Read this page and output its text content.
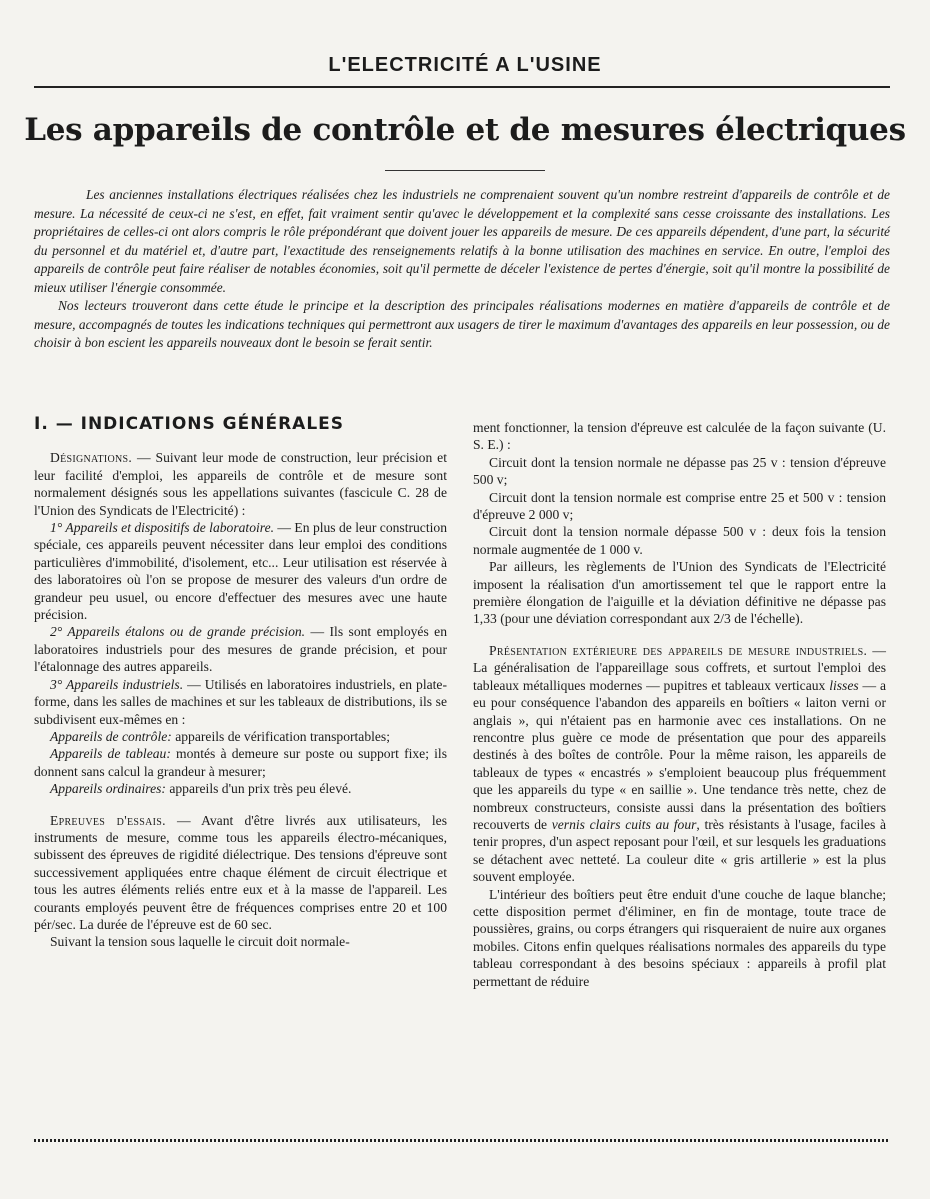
L'ELECTRICITÉ A L'USINE
Les appareils de contrôle et de mesures électriques

Les anciennes installations électriques réalisées chez les industriels ne comprenaient souvent qu'un nombre restreint d'appareils de contrôle et de mesure. La nécessité de ceux-ci ne s'est, en effet, fait vraiment sentir qu'avec le développement et la complexité sans cesse croissante des installations. Les propriétaires de celles-ci ont alors compris le rôle prépondérant que doivent jouer les appareils de mesure. De ces appareils dépendent, d'une part, la sécurité du personnel et du matériel et, d'autre part, l'exactitude des renseignements relatifs à la bonne utilisation des machines en service. En outre, l'emploi des appareils de contrôle peut faire réaliser de notables économies, soit qu'il permette de déceler l'existence de pertes d'énergie, soit qu'il montre la possibilité de mieux utiliser l'énergie consommée.

Nos lecteurs trouveront dans cette étude le principe et la description des principales réalisations modernes en matière d'appareils de contrôle et de mesure, accompagnés de toutes les indications techniques qui permettront aux usagers de tirer le maximum d'avantages des appareils en leur possession, ou de choisir à bon escient les appareils nouveaux dont le besoin se ferait sentir.

I. — INDICATIONS GÉNÉRALES

Désignations. — Suivant leur mode de construction, leur précision et leur facilité d'emploi, les appareils de contrôle et de mesure sont normalement désignés sous les appellations suivantes (fascicule C. 28 de l'Union des Syndicats de l'Electricité) :

1° Appareils et dispositifs de laboratoire. — En plus de leur construction spéciale, ces appareils peuvent nécessiter dans leur emploi des conditions particulières d'immobilité, d'isolement, etc... Leur utilisation est réservée à des laboratoires où l'on se propose de mesurer des valeurs d'un ordre de grandeur peu usuel, ou encore d'effectuer des mesures avec une haute précision.

2° Appareils étalons ou de grande précision. — Ils sont employés en laboratoires industriels pour des mesures de grande précision, et pour l'étalonnage des autres appareils.

3° Appareils industriels. — Utilisés en laboratoires industriels, en plate-forme, dans les salles de machines et sur les tableaux de distributions, ils se subdivisent eux-mêmes en :

Appareils de contrôle: appareils de vérification transportables;

Appareils de tableau: montés à demeure sur poste ou support fixe; ils donnent sans calcul la grandeur à mesurer;

Appareils ordinaires: appareils d'un prix très peu élevé.

Epreuves d'essais. — Avant d'être livrés aux utilisateurs, les instruments de mesure, comme tous les appareils électro-mécaniques, subissent des épreuves de rigidité diélectrique. Des tensions d'épreuve sont successivement appliquées entre chaque élément de circuit électrique et tous les autres éléments reliés entre eux et à la masse de l'appareil. Les courants employés peuvent être de fréquences comprises entre 20 et 100 pér/sec. La durée de l'épreuve est de 60 sec.

Suivant la tension sous laquelle le circuit doit normale-

ment fonctionner, la tension d'épreuve est calculée de la façon suivante (U. S. E.) :

Circuit dont la tension normale ne dépasse pas 25 v : tension d'épreuve 500 v;

Circuit dont la tension normale est comprise entre 25 et 500 v : tension d'épreuve 2 000 v;

Circuit dont la tension normale dépasse 500 v : deux fois la tension normale augmentée de 1 000 v.

Par ailleurs, les règlements de l'Union des Syndicats de l'Electricité imposent la réalisation d'un amortissement tel que le rapport entre la première élongation de l'aiguille et la déviation définitive ne dépasse pas 1,33 (pour une déviation correspondant aux 2/3 de l'échelle).

Présentation extérieure des appareils de mesure industriels. — La généralisation de l'appareillage sous coffrets, et surtout l'emploi des tableaux métalliques modernes — pupitres et tableaux verticaux lisses — a eu pour conséquence l'abandon des appareils en boîtiers « laiton verni or anglais », qui n'étaient pas en harmonie avec ces installations. On ne rencontre plus guère ce mode de présentation que pour des appareils destinés à des boîtes de contrôle. Pour la même raison, les appareils de tableaux de types « encastrés » s'emploient beaucoup plus fréquemment que les appareils du type « en saillie ». Une tendance très nette, chez de nombreux constructeurs, consiste aussi dans la présentation des boîtiers recouverts de vernis clairs cuits au four, très résistants à l'usage, faciles à tenir propres, d'un aspect reposant pour l'œil, et sur lesquels les graduations se détachent avec netteté. La couleur dite « gris artillerie » est la plus souvent employée.

L'intérieur des boîtiers peut être enduit d'une couche de laque blanche; cette disposition permet d'éliminer, en fin de montage, toute trace de poussières, grains, ou corps étrangers qui risqueraient de nuire aux organes mobiles. Citons enfin quelques réalisations normales des appareils du type tableau correspondant à des besoins spéciaux : appareils à profil plat permettant de réduire
